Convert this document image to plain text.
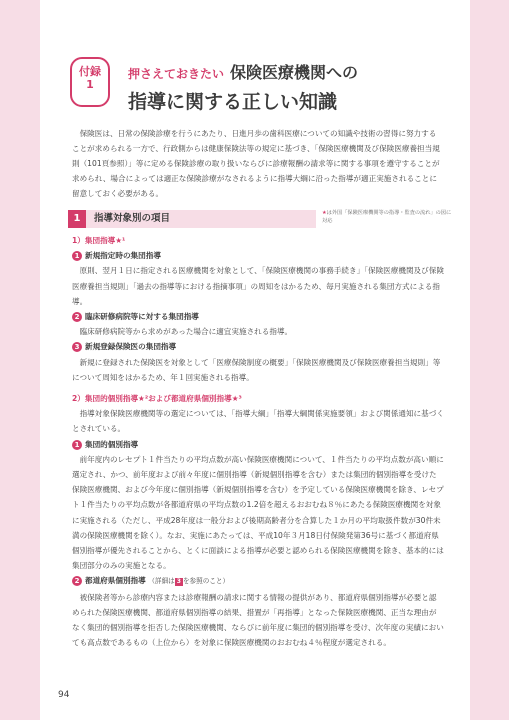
付録
1
押さえておきたい 保険医療機関への
指導に関する正しい知識

保険医は、日常の保険診療を行うにあたり、日進月歩の歯科医療についての知識や技術の習得に努力することが求められる一方で、行政側からは健康保険法等の規定に基づき、「保険医療機関及び保険医療養担当規則（101頁参照）」等に定める保険診療の取り扱いならびに診療報酬の請求等に関する事項を遵守することが求められ、場合によっては適正な保険診療がなされるように指導大綱に沿った指導が適正実施されることに留意しておく必要がある。

1	指導対象別の項目	★は外国「保険医療機関等の指導・監査の流れ」の図に対応

1）集団指導★¹

1 新規指定時の集団指導

原則、翌月１日に指定される医療機関を対象として、「保険医療機関の事務手続き」「保険医療機関及び保険医療養担当規則」「過去の指導等における指摘事項」の周知をはかるため、毎月実施される集団方式による指導。

2 臨床研修病院等に対する集団指導

臨床研修病院等から求めがあった場合に適宜実施される指導。

3 新規登録保険医の集団指導

新規に登録された保険医を対象として「医療保険制度の概要」「保険医療機関及び保険医療養担当規則」等について周知をはかるため、年１回実施される指導。

2）集団的個別指導★²および都道府県個別指導★³

指導対象保険医療機関等の選定については、「指導大綱」「指導大綱関係実施要領」および関係通知に基づくとされている。

1 集団的個別指導

前年度内のレセプト１件当たりの平均点数が高い保険医療機関について、１件当たりの平均点数が高い順に選定され、かつ、前年度および前々年度に個別指導（新規個別指導を含む）または集団的個別指導を受けた保険医療機関、および今年度に個別指導（新規個別指導を含む）を予定している保険医療機関を除き、レセプト１件当たりの平均点数が各都道府県の平均点数の1.2倍を超えるおおむね８％にあたる保険医療機関を対象に実施される（ただし、平成28年度は一般分および後期高齢者分を合算した１か月の平均取扱件数が30件未満の保険医療機関を除く）。なお、実施にあたっては、平成10年３月18日付保険発第36号に基づく都道府県個別指導が優先されることから、とくに面談による指導が必要と認められる保険医療機関を除き、基本的には集団部分のみの実施となる。

2 都道府県個別指導 （詳細は 3 を参照のこと）

被保険者等から診療内容または診療報酬の請求に関する情報の提供があり、都道府県個別指導が必要と認められた保険医療機関、都道府県個別指導の結果、措置が「再指導」となった保険医療機関、正当な理由がなく集団的個別指導を拒否した保険医療機関、ならびに前年度に集団的個別指導を受け、次年度の実績においても高点数であるもの（上位から）を対象に保険医療機関のおおむね４％程度が選定される。

94
